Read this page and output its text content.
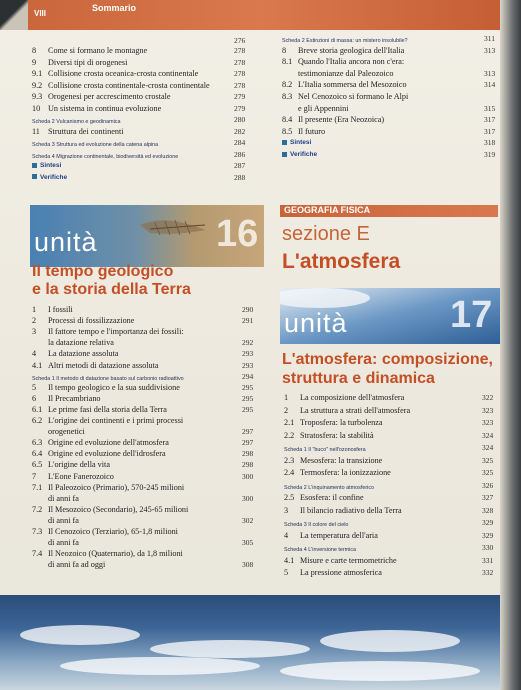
VIII
Sommario
276
unità	16
Il tempo geologico
e la storia della Terra
GEOGRAFIA FISICA
sezione E
L'atmosfera
unità	17
L'atmosfera: composizione,
struttura e dinamica
8 Come si formano le montagne	278
9 Diversi tipi di orogenesi	278
9.1 Collisione crosta oceanica-crosta continentale	278
9.2 Collisione crosta continentale-crosta continentale	278
9.3 Orogenesi per accrescimento crostale	279
10 Un sistema in continua evoluzione	279
Scheda 2 Vulcanismo e geodinamica	280
11 Struttura dei continenti	282
Scheda 3 Struttura ed evoluzione della catena alpina	284
Scheda 4 Migrazione continentale, biodiversità ed evoluzione	286
Sintesi	287
Verifiche	288
1 I fossili	290
2 Processi di fossilizzazione	291
3 Il fattore tempo e l'importanza dei fossili:
la datazione relativa	292
4 La datazione assoluta	293
4.1 Altri metodi di datazione assoluta	293
Scheda 1 Il metodo di datazione basato sul carbonio radioattivo	294
5 Il tempo geologico e la sua suddivisione	295
6 Il Precambriano	295
6.1 Le prime fasi della storia della Terra	295
6.2 L'origine dei continenti e i primi processi
orogenetici	297
6.3 Origine ed evoluzione dell'atmosfera	297
6.4 Origine ed evoluzione dell'idrosfera	298
6.5 L'origine della vita	298
7 L'Eone Fanerozoico	300
7.1 Il Paleozoico (Primario), 570-245 milioni
di anni fa	300
7.2 Il Mesozoico (Secondario), 245-65 milioni
di anni fa	302
7.3 Il Cenozoico (Terziario), 65-1,8 milioni
di anni fa	305
7.4 Il Neozoico (Quaternario), da 1,8 milioni
di anni fa ad oggi	308
Scheda 2 Estinzioni di massa: un mistero insolubile?	311
8 Breve storia geologica dell'Italia	313
8.1 Quando l'Italia ancora non c'era:
testimonianze dal Paleozoico	313
8.2 L'Italia sommersa del Mesozoico	314
8.3 Nel Cenozoico si formano le Alpi
e gli Appennini	315
8.4 Il presente (Era Neozoica)	317
8.5 Il futuro	317
Sintesi	318
Verifiche	319
1 La composizione dell'atmosfera	322
2 La struttura a strati dell'atmosfera	323
2.1 Troposfera: la turbolenza	323
2.2 Stratosfera: la stabilità	324
Scheda 1 Il "buco" nell'ozonosfera	324
2.3 Mesosfera: la transizione	325
2.4 Termosfera: la ionizzazione	325
Scheda 2 L'inquinamento atmosferico	326
2.5 Esosfera: il confine	327
3 Il bilancio radiativo della Terra	328
Scheda 3 Il colore del cielo	329
4 La temperatura dell'aria	329
Scheda 4 L'inversione termica	330
4.1 Misure e carte termometriche	331
5 La pressione atmosferica	332
